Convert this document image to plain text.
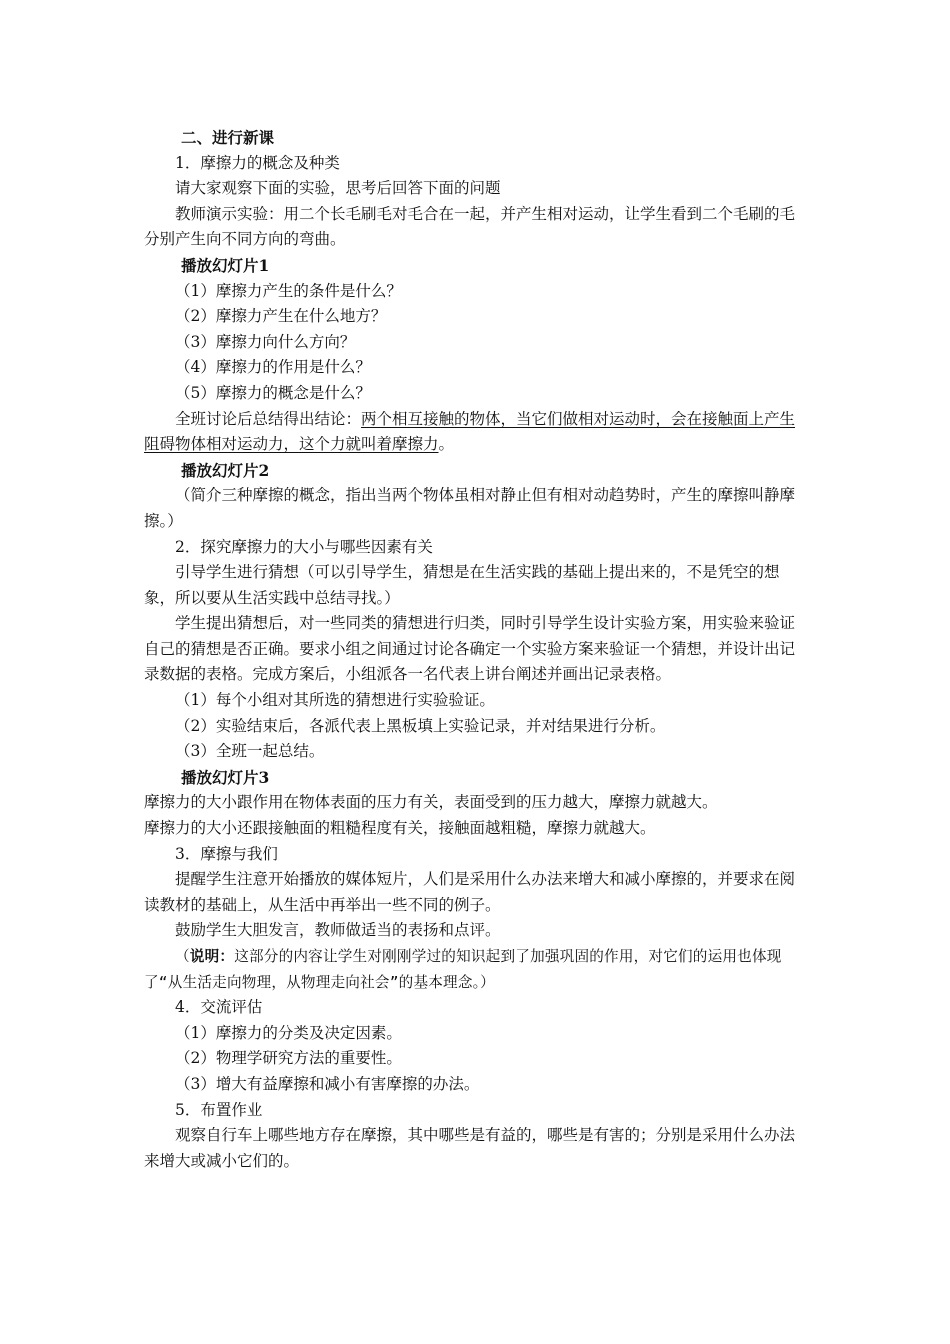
二、进行新课

1．摩擦力的概念及种类

请大家观察下面的实验，思考后回答下面的问题

教师演示实验：用二个长毛刷毛对毛合在一起，并产生相对运动，让学生看到二个毛刷的毛分别产生向不同方向的弯曲。

播放幻灯片1

（1）摩擦力产生的条件是什么？

（2）摩擦力产生在什么地方？

（3）摩擦力向什么方向？

（4）摩擦力的作用是什么？

（5）摩擦力的概念是什么？

全班讨论后总结得出结论：两个相互接触的物体，当它们做相对运动时，会在接触面上产生阻碍物体相对运动力，这个力就叫着摩擦力。

播放幻灯片2

（简介三种摩擦的概念，指出当两个物体虽相对静止但有相对动趋势时，产生的摩擦叫静摩擦。）

2．探究摩擦力的大小与哪些因素有关

引导学生进行猜想（可以引导学生，猜想是在生活实践的基础上提出来的，不是凭空的想象，所以要从生活实践中总结寻找。）

学生提出猜想后，对一些同类的猜想进行归类，同时引导学生设计实验方案，用实验来验证自己的猜想是否正确。要求小组之间通过讨论各确定一个实验方案来验证一个猜想，并设计出记录数据的表格。完成方案后，小组派各一名代表上讲台阐述并画出记录表格。

（1）每个小组对其所选的猜想进行实验验证。

（2）实验结束后，各派代表上黑板填上实验记录，并对结果进行分析。

（3）全班一起总结。

播放幻灯片3

摩擦力的大小跟作用在物体表面的压力有关，表面受到的压力越大，摩擦力就越大。

摩擦力的大小还跟接触面的粗糙程度有关，接触面越粗糙，摩擦力就越大。

3．摩擦与我们

提醒学生注意开始播放的媒体短片，人们是采用什么办法来增大和减小摩擦的，并要求在阅读教材的基础上，从生活中再举出一些不同的例子。

鼓励学生大胆发言，教师做适当的表扬和点评。

（说明：这部分的内容让学生对刚刚学过的知识起到了加强巩固的作用，对它们的运用也体现了“从生活走向物理，从物理走向社会”的基本理念。）

4．交流评估

（1）摩擦力的分类及决定因素。

（2）物理学研究方法的重要性。

（3）增大有益摩擦和减小有害摩擦的办法。

5．布置作业

观察自行车上哪些地方存在摩擦，其中哪些是有益的，哪些是有害的；分别是采用什么办法来增大或减小它们的。
